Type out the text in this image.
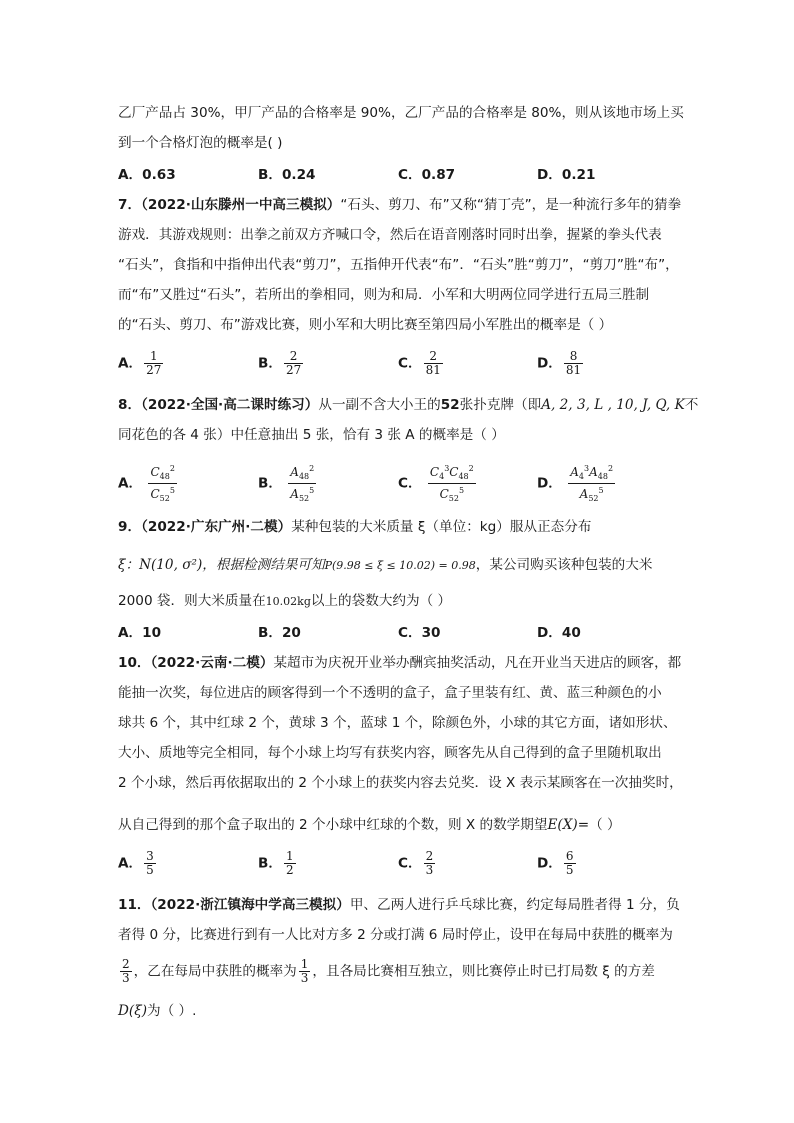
乙厂产品占 30%，甲厂产品的合格率是 90%，乙厂产品的合格率是 80%，则从该地市场上买
到一个合格灯泡的概率是( )
A．0.63	B．0.24	C．0.87	D．0.21
7．（2022·山东滕州一中高三模拟）“石头、剪刀、布”又称“猜丁壳”，是一种流行多年的猜拳
游戏．其游戏规则：出拳之前双方齐喊口令，然后在语音刚落时同时出拳，握紧的拳头代表
“石头”，食指和中指伸出代表“剪刀”，五指伸开代表“布”．“石头”胜“剪刀”，“剪刀”胜“布”，
而“布”又胜过“石头”，若所出的拳相同，则为和局．小军和大明两位同学进行五局三胜制
的“石头、剪刀、布”游戏比赛，则小军和大明比赛至第四局小军胜出的概率是（ ）
A． $\frac{1}{27}$	B． $\frac{2}{27}$	C． $\frac{2}{81}$	D． $\frac{8}{81}$
8．（2022·全国·高二课时练习）从一副不含大小王的52张扑克牌（即A, 2, 3, L , 10, J, Q, K不
同花色的各 4 张）中任意抽出 5 张，恰有 3 张 A 的概率是（ ）
A． $\frac{C_{48}^2}{C_{52}^5}$	B． $\frac{A_{48}^2}{A_{52}^5}$	C． $\frac{C_4^3C_{48}^2}{C_{52}^5}$	D． $\frac{A_4^3A_{48}^2}{A_{52}^5}$
9．（2022·广东广州·二模）某种包装的大米质量 ξ（单位：kg）服从正态分布
ξ：N(10, σ²)，根据检测结果可知P(9.98 ≤ ξ ≤ 10.02) = 0.98，某公司购买该种包装的大米
2000 袋．则大米质量在10.02kg以上的袋数大约为（ ）
A．10	B．20	C．30	D．40
10．（2022·云南·二模）某超市为庆祝开业举办酬宾抽奖活动，凡在开业当天进店的顾客，都
能抽一次奖，每位进店的顾客得到一个不透明的盒子，盒子里装有红、黄、蓝三种颜色的小
球共 6 个，其中红球 2 个，黄球 3 个，蓝球 1 个，除颜色外，小球的其它方面，诸如形状、
大小、质地等完全相同，每个小球上均写有获奖内容，顾客先从自己得到的盒子里随机取出
2 个小球，然后再依据取出的 2 个小球上的获奖内容去兑奖．设 X 表示某顾客在一次抽奖时，
从自己得到的那个盒子取出的 2 个小球中红球的个数，则 X 的数学期望E(X)=（ ）
A． $\frac{3}{5}$	B． $\frac{1}{2}$	C． $\frac{2}{3}$	D． $\frac{6}{5}$
11．（2022·浙江镇海中学高三模拟）甲、乙两人进行乒乓球比赛，约定每局胜者得 1 分，负
者得 0 分，比赛进行到有一人比对方多 2 分或打满 6 局时停止，设甲在每局中获胜的概率为
$\frac{2}{3}$ ，乙在每局中获胜的概率为 $\frac{1}{3}$ ，且各局比赛相互独立，则比赛停止时已打局数 ξ 的方差
D(ξ)为（ ）.
